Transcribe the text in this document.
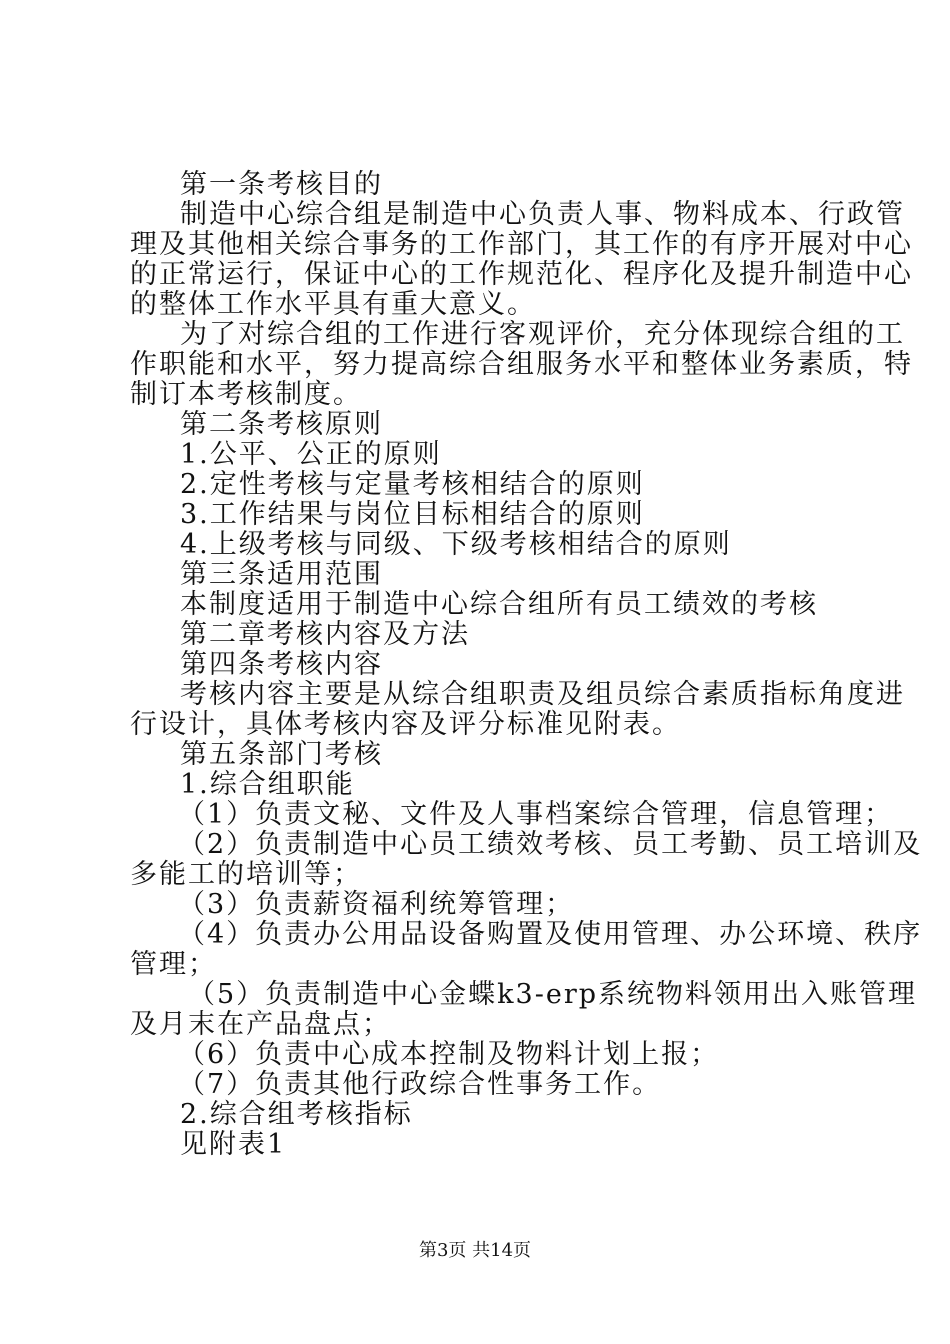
第一条考核目的
制造中心综合组是制造中心负责人事、物料成本、行政管
理及其他相关综合事务的工作部门，其工作的有序开展对中心
的正常运行，保证中心的工作规范化、程序化及提升制造中心
的整体工作水平具有重大意义。
为了对综合组的工作进行客观评价，充分体现综合组的工
作职能和水平，努力提高综合组服务水平和整体业务素质，特
制订本考核制度。
第二条考核原则
1.公平、公正的原则
2.定性考核与定量考核相结合的原则
3.工作结果与岗位目标相结合的原则
4.上级考核与同级、下级考核相结合的原则
第三条适用范围
本制度适用于制造中心综合组所有员工绩效的考核
第二章考核内容及方法
第四条考核内容
考核内容主要是从综合组职责及组员综合素质指标角度进
行设计，具体考核内容及评分标准见附表。
第五条部门考核
1.综合组职能
（1）负责文秘、文件及人事档案综合管理，信息管理；
（2）负责制造中心员工绩效考核、员工考勤、员工培训及
多能工的培训等；
（3）负责薪资福利统筹管理；
（4）负责办公用品设备购置及使用管理、办公环境、秩序
管理；
（5）负责制造中心金蝶k3-erp系统物料领用出入账管理
及月末在产品盘点；
（6）负责中心成本控制及物料计划上报；
（7）负责其他行政综合性事务工作。
2.综合组考核指标
见附表1
第3页 共14页
